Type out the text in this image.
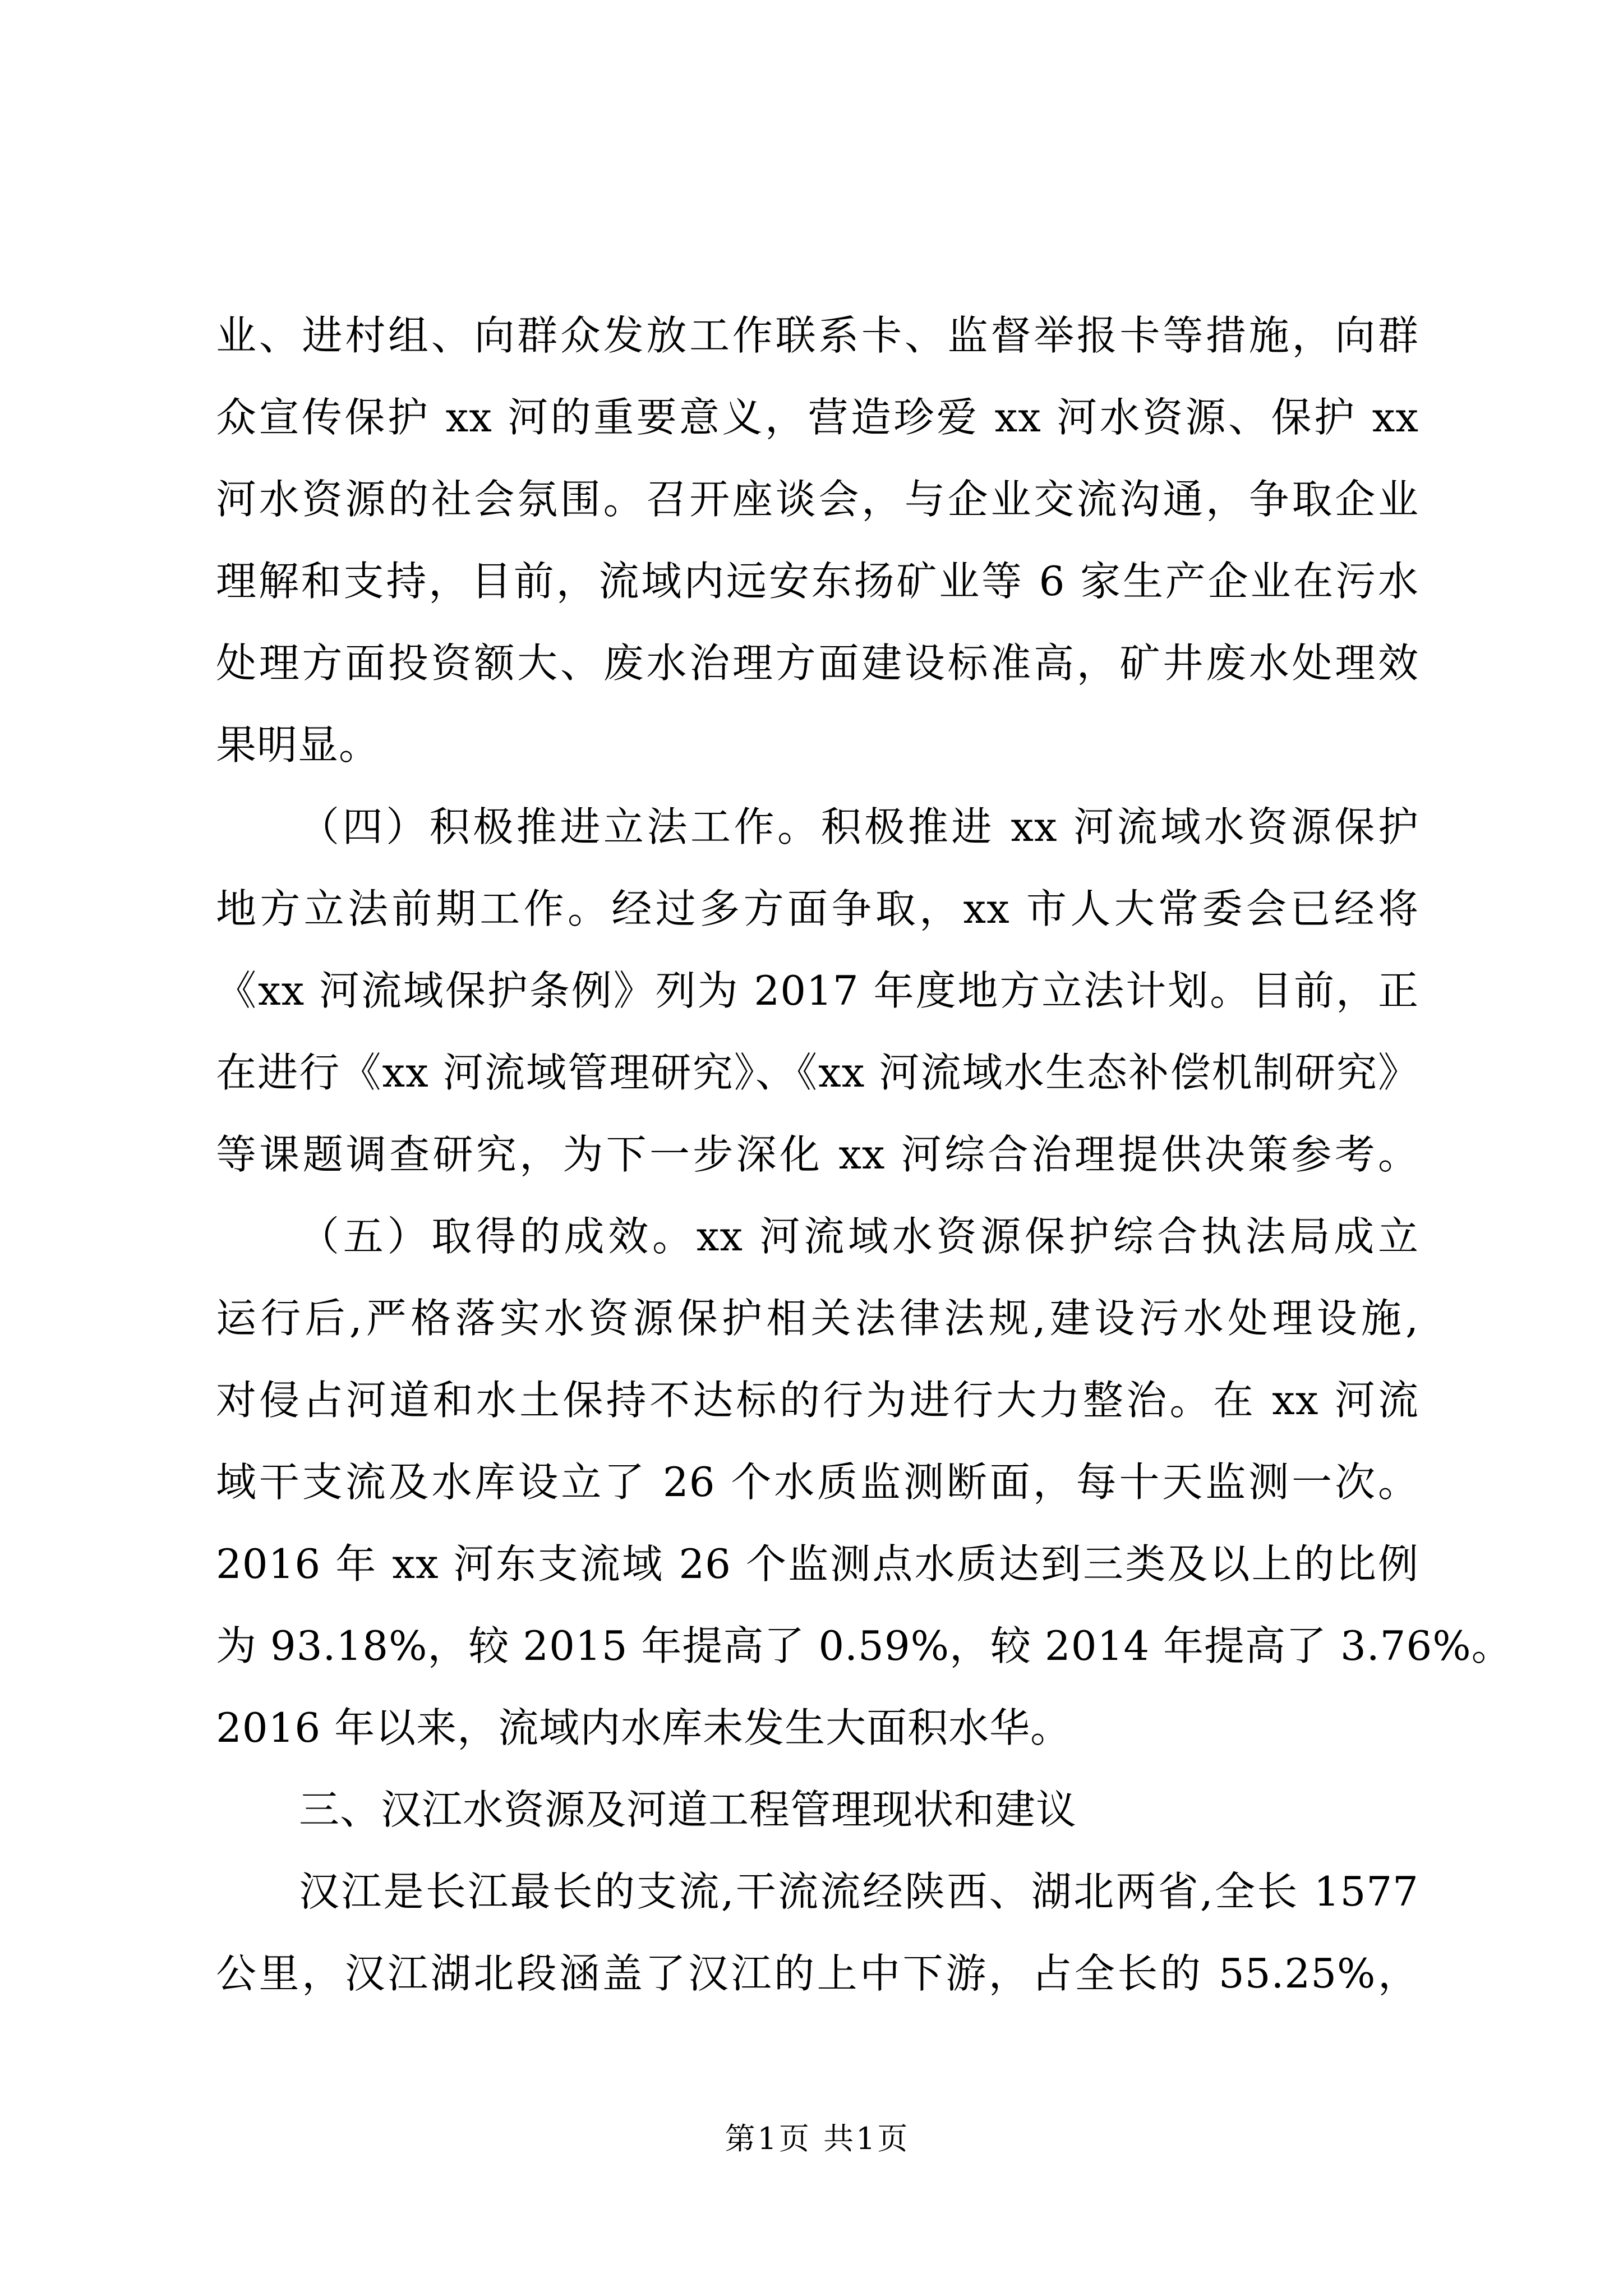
业、进村组、向群众发放工作联系卡、监督举报卡等措施，向群
众宣传保护 xx 河的重要意义，营造珍爱 xx 河水资源、保护 xx
河水资源的社会氛围。召开座谈会，与企业交流沟通，争取企业
理解和支持，目前，流域内远安东扬矿业等 6 家生产企业在污水
处理方面投资额大、废水治理方面建设标准高，矿井废水处理效
果明显。
（四）积极推进立法工作。积极推进 xx 河流域水资源保护
地方立法前期工作。经过多方面争取，xx 市人大常委会已经将
《xx 河流域保护条例》列为 2017 年度地方立法计划。目前，正
在进行《xx 河流域管理研究》、《xx 河流域水生态补偿机制研究》
等课题调查研究，为下一步深化 xx 河综合治理提供决策参考。
（五）取得的成效。xx 河流域水资源保护综合执法局成立
运行后,严格落实水资源保护相关法律法规,建设污水处理设施,
对侵占河道和水土保持不达标的行为进行大力整治。在 xx 河流
域干支流及水库设立了 26 个水质监测断面，每十天监测一次。
2016 年 xx 河东支流域 26 个监测点水质达到三类及以上的比例
为 93.18%，较 2015 年提高了 0.59%，较 2014 年提高了 3.76%。
2016 年以来，流域内水库未发生大面积水华。
三、汉江水资源及河道工程管理现状和建议
汉江是长江最长的支流,干流流经陕西、湖北两省,全长 1577
公里，汉江湖北段涵盖了汉江的上中下游，占全长的 55.25%，
第1页 共1页
